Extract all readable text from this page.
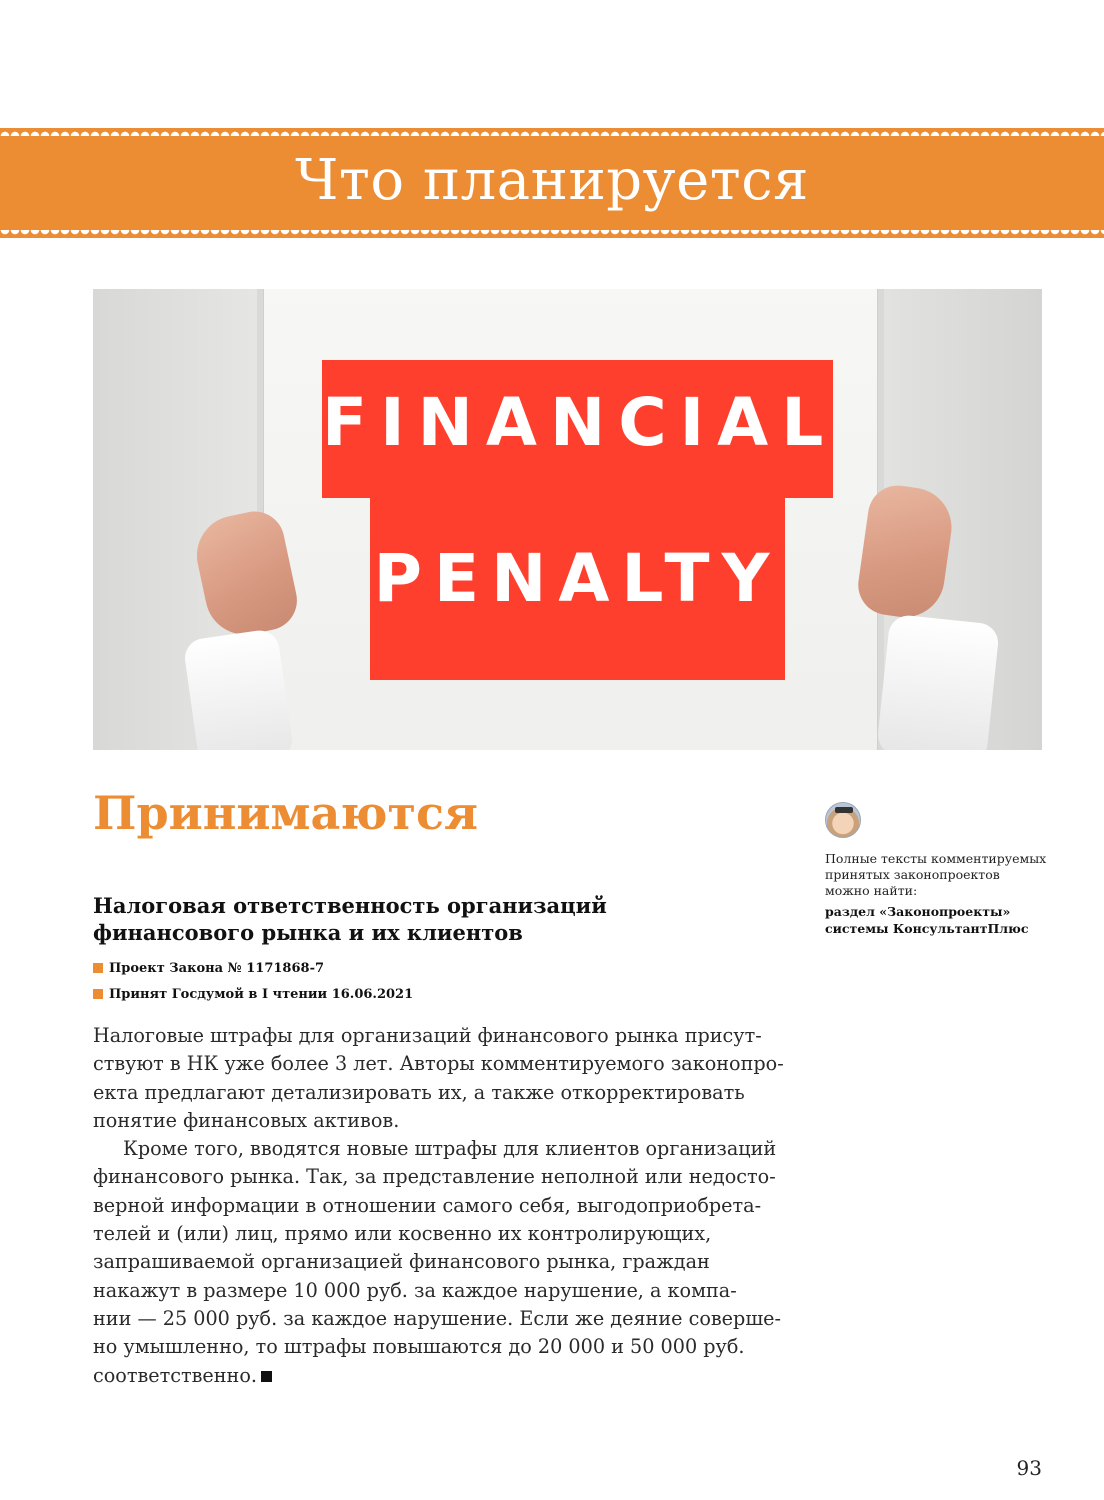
Что планируется
FINANCIAL
PENALTY
Принимаются
Налоговая ответственность организаций
финансового рынка и их клиентов
Проект Закона № 1171868-7
Принят Госдумой в I чтении 16.06.2021

Налоговые штрафы для организаций финансового рынка присут-

ствуют в НК уже более 3 лет. Авторы комментируемого законопро-

екта предлагают детализировать их, а также откорректировать

понятие финансовых активов.

Кроме того, вводятся новые штрафы для клиентов организаций

финансового рынка. Так, за представление неполной или недосто-

верной информации в отношении самого себя, выгодоприобрета-

телей и (или) лиц, прямо или косвенно их контролирующих,

запрашиваемой организацией финансового рынка, граждан

накажут в размере 10 000 руб. за каждое нарушение, а компа-

нии — 25 000 руб. за каждое нарушение. Если же деяние соверше-

но умышленно, то штрафы повышаются до 20 000 и 50 000 руб.

соответственно.

Полные тексты комментируемых
принятых законопроектов
можно найти:
раздел «Законопроекты»
системы КонсультантПлюс
93
